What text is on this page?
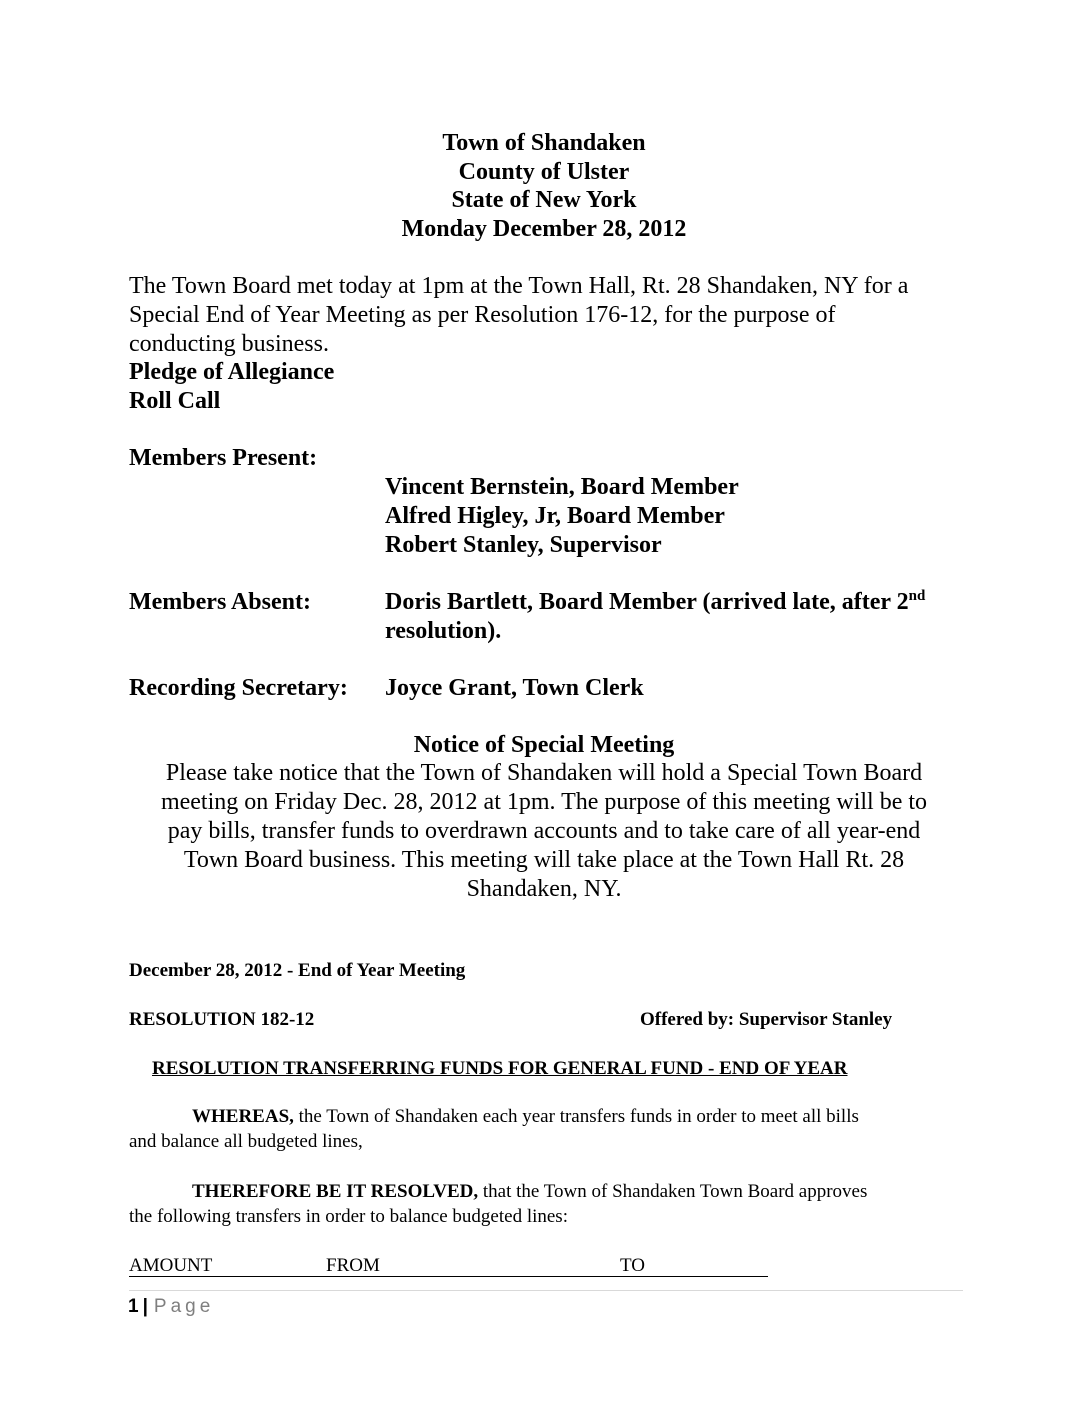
Town of Shandaken
County of Ulster
State of New York
Monday December 28, 2012
The Town Board met today at 1pm at the Town Hall, Rt. 28 Shandaken, NY for a
Special End of Year Meeting as per Resolution 176-12, for the purpose of
conducting business.
Pledge of Allegiance
Roll Call
Members Present:
Vincent Bernstein, Board Member
Alfred Higley, Jr, Board Member
Robert Stanley, Supervisor
Members Absent:	Doris Bartlett, Board Member (arrived late, after 2nd
resolution).
Recording Secretary: Joyce Grant, Town Clerk
Notice of Special Meeting
Please take notice that the Town of Shandaken will hold a Special Town Board
meeting on Friday Dec. 28, 2012 at 1pm. The purpose of this meeting will be to
pay bills, transfer funds to overdrawn accounts and to take care of all year-end
Town Board business. This meeting will take place at the Town Hall Rt. 28
Shandaken, NY.
December 28, 2012 - End of Year Meeting
RESOLUTION 182-12	Offered by: Supervisor Stanley
RESOLUTION TRANSFERRING FUNDS FOR GENERAL FUND - END OF YEAR
WHEREAS, the Town of Shandaken each year transfers funds in order to meet all bills
and balance all budgeted lines,
THEREFORE BE IT RESOLVED, that the Town of Shandaken Town Board approves
the following transfers in order to balance budgeted lines:
AMOUNT	FROM	TO
1 | Page
